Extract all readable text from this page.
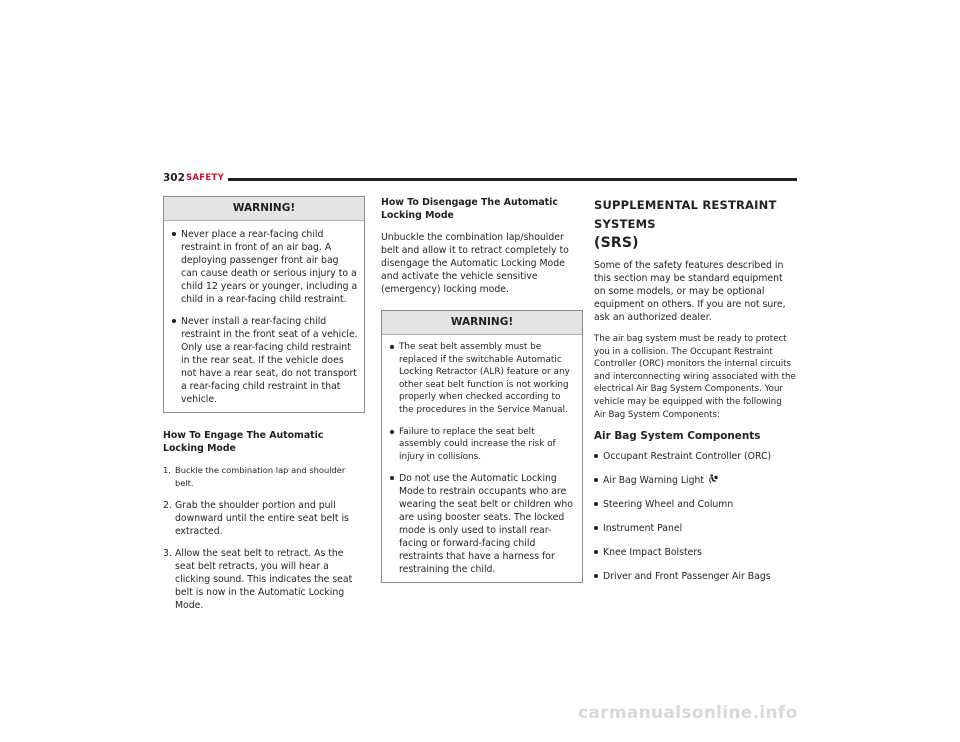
302 SAFETY
WARNING!
Never place a rear-facing child restraint in front of an air bag. A deploying passenger front air bag can cause death or serious injury to a child 12 years or younger, including a child in a rear-facing child restraint.
Never install a rear-facing child restraint in the front seat of a vehicle. Only use a rear-facing child restraint in the rear seat. If the vehicle does not have a rear seat, do not transport a rear-facing child restraint in that vehicle.
How To Engage The Automatic Locking Mode
1. Buckle the combination lap and shoulder belt.
2. Grab the shoulder portion and pull downward until the entire seat belt is extracted.
3. Allow the seat belt to retract. As the seat belt retracts, you will hear a clicking sound. This indicates the seat belt is now in the Automatic Locking Mode.
How To Disengage The Automatic Locking Mode
Unbuckle the combination lap/shoulder belt and allow it to retract completely to disengage the Automatic Locking Mode and activate the vehicle sensitive (emergency) locking mode.
WARNING!
The seat belt assembly must be replaced if the switchable Automatic Locking Retractor (ALR) feature or any other seat belt function is not working properly when checked according to the procedures in the Service Manual.
Failure to replace the seat belt assembly could increase the risk of injury in collisions.
Do not use the Automatic Locking Mode to restrain occupants who are wearing the seat belt or children who are using booster seats. The locked mode is only used to install rear-facing or forward-facing child restraints that have a harness for restraining the child.
SUPPLEMENTAL RESTRAINT SYSTEMS
(SRS)
Some of the safety features described in this section may be standard equipment on some models, or may be optional equipment on others. If you are not sure, ask an authorized dealer.
The air bag system must be ready to protect you in a collision. The Occupant Restraint Controller (ORC) monitors the internal circuits and interconnecting wiring associated with the electrical Air Bag System Components. Your vehicle may be equipped with the following Air Bag System Components:
Air Bag System Components
Occupant Restraint Controller (ORC)
Air Bag Warning Light
Steering Wheel and Column
Instrument Panel
Knee Impact Bolsters
Driver and Front Passenger Air Bags
carmanualsonline.info
